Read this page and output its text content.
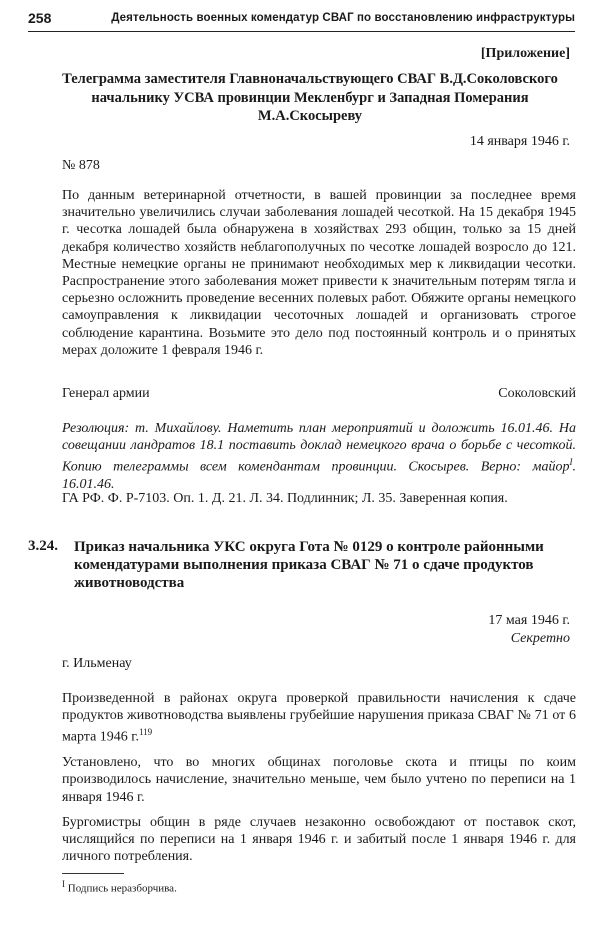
258	Деятельность военных комендатур СВАГ по восстановлению инфраструктуры
[Приложение]
Телеграмма заместителя Главноначальствующего СВАГ В.Д.Соколовского начальнику УСВА провинции Мекленбург и Западная Померания М.А.Скосыреву
14 января 1946 г.
№ 878

По данным ветеринарной отчетности, в вашей провинции за последнее время значительно увеличились случаи заболевания лошадей чесоткой. На 15 декабря 1945 г. чесотка лошадей была обнаружена в хозяйствах 293 общин, только за 15 дней декабря количество хозяйств неблагополучных по чесотке лошадей возросло до 121. Местные немецкие органы не принимают необходимых мер к ликвидации чесотки. Распространение этого заболевания может привести к значительным потерям тягла и серьезно осложнить проведение весенних полевых работ. Обяжите органы немецкого самоуправления к ликвидации чесоточных лошадей и организовать строгое соблюдение карантина. Возьмите это дело под постоянный контроль и о принятых мерах доложите 1 февраля 1946 г.

Генерал армии	Соколовский

Резолюция: т. Михайлову. Наметить план мероприятий и доложить 16.01.46. На совещании ландратов 18.1 поставить доклад немецкого врача о борьбе с чесоткой. Копию телеграммы всем комендантам провинции. Скосырев. Верно: майор$^I$. 16.01.46.

ГА РФ. Ф. Р-7103. Оп. 1. Д. 21. Л. 34. Подлинник; Л. 35. Заверенная копия.
3.24. Приказ начальника УКС округа Гота № 0129 о контроле районными комендатурами выполнения приказа СВАГ № 71 о сдаче продуктов животноводства
17 мая 1946 г.
Секретно
г. Ильменау

Произведенной в районах округа проверкой правильности начисления к сдаче продуктов животноводства выявлены грубейшие нарушения приказа СВАГ № 71 от 6 марта 1946 г.$^{119}$

Установлено, что во многих общинах поголовье скота и птицы по коим производилось начисление, значительно меньше, чем было учтено по переписи на 1 января 1946 г.

Бургомистры общин в ряде случаев незаконно освобождают от поставок скот, числящийся по переписи на 1 января 1946 г. и забитый после 1 января 1946 г. для личного потребления.

$^I$ Подпись неразборчива.
